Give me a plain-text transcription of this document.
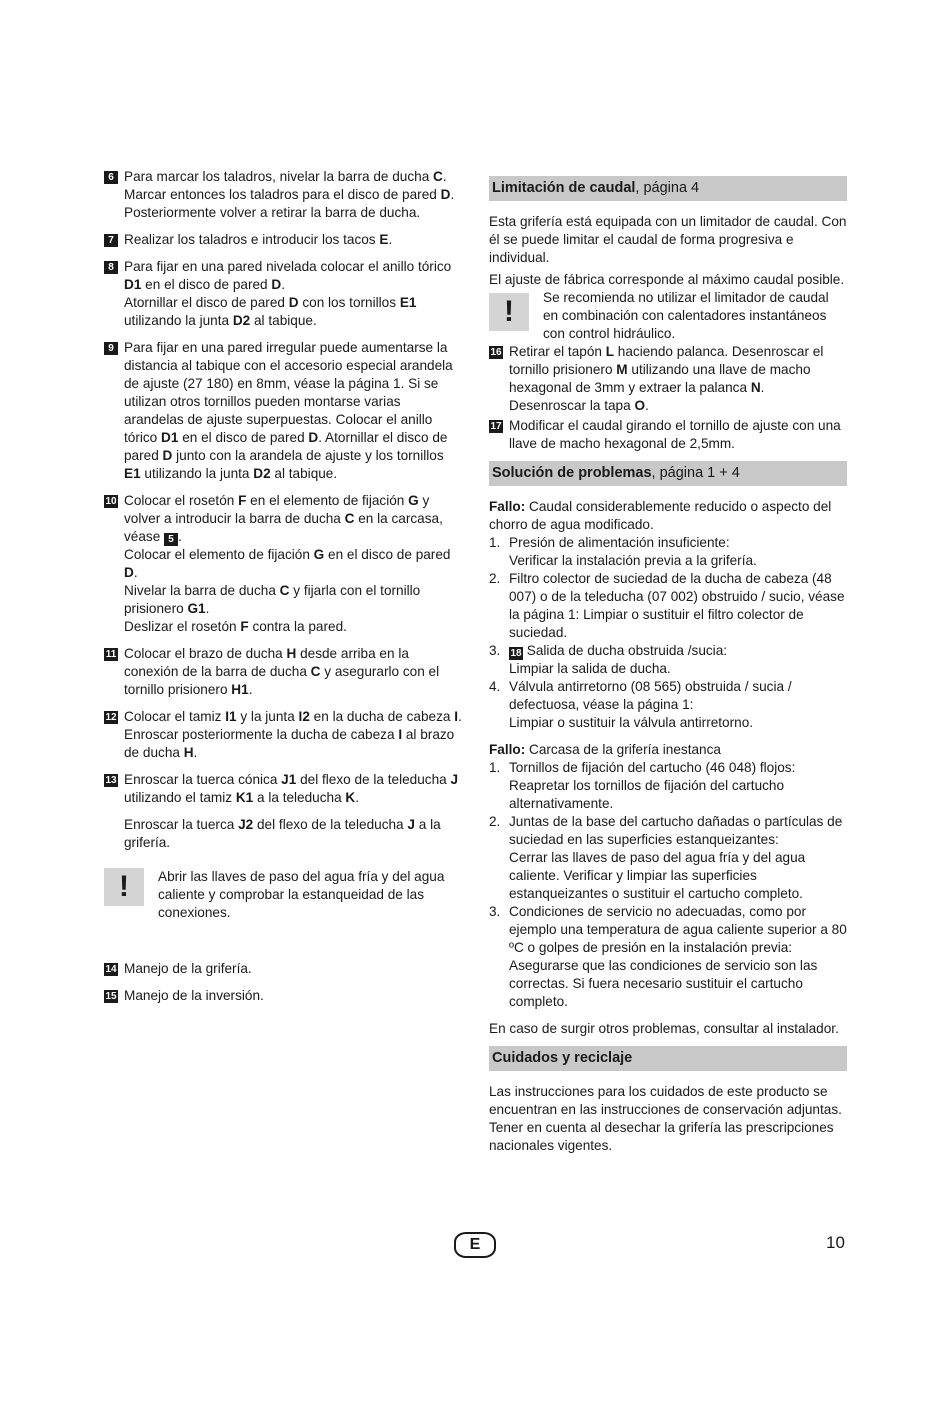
6 Para marcar los taladros, nivelar la barra de ducha C.
Marcar entonces los taladros para el disco de pared D.
Posteriormente volver a retirar la barra de ducha.

7 Realizar los taladros e introducir los tacos E.

8 Para fijar en una pared nivelada colocar el anillo tórico D1 en el disco de pared D.
Atornillar el disco de pared D con los tornillos E1 utilizando la junta D2 al tabique.

9 Para fijar en una pared irregular puede aumentarse la distancia al tabique con el accesorio especial arandela de ajuste (27 180) en 8mm, véase la página 1. Si se utilizan otros tornillos pueden montarse varias arandelas de ajuste superpuestas. Colocar el anillo tórico D1 en el disco de pared D. Atornillar el disco de pared D junto con la arandela de ajuste y los tornillos E1 utilizando la junta D2 al tabique.

10 Colocar el rosetón F en el elemento de fijación G y volver a introducir la barra de ducha C en la carcasa, véase 5 .
Colocar el elemento de fijación G en el disco de pared D.
Nivelar la barra de ducha C y fijarla con el tornillo prisionero G1.
Deslizar el rosetón F contra la pared.

11 Colocar el brazo de ducha H desde arriba en la conexión de la barra de ducha C y asegurarlo con el tornillo prisionero H1.

12 Colocar el tamiz I1 y la junta I2 en la ducha de cabeza I. Enroscar posteriormente la ducha de cabeza I al brazo de ducha H.

13 Enroscar la tuerca cónica J1 del flexo de la teleducha J utilizando el tamiz K1 a la teleducha K.

Enroscar la tuerca J2 del flexo de la teleducha J a la grifería.

!	Abrir las llaves de paso del agua fría y del agua caliente y comprobar la estanqueidad de las conexiones.

14 Manejo de la grifería.

15 Manejo de la inversión.

Limitación de caudal, página 4

Esta grifería está equipada con un limitador de caudal. Con él se puede limitar el caudal de forma progresiva e individual.

El ajuste de fábrica corresponde al máximo caudal posible.

!	Se recomienda no utilizar el limitador de caudal en combinación con calentadores instantáneos con control hidráulico.

16 Retirar el tapón L haciendo palanca. Desenroscar el tornillo prisionero M utilizando una llave de macho hexagonal de 3mm y extraer la palanca N.
Desenroscar la tapa O.

17 Modificar el caudal girando el tornillo de ajuste con una llave de macho hexagonal de 2,5mm.

Solución de problemas, página 1 + 4

Fallo: Caudal considerablemente reducido o aspecto del chorro de agua modificado.

1. Presión de alimentación insuficiente:
Verificar la instalación previa a la grifería.
2. Filtro colector de suciedad de la ducha de cabeza (48 007) o de la teleducha (07 002) obstruido / sucio, véase la página 1: Limpiar o sustituir el filtro colector de suciedad.
3. 18 Salida de ducha obstruida /sucia:
Limpiar la salida de ducha.
4. Válvula antirretorno (08 565) obstruida / sucia / defectuosa, véase la página 1:
Limpiar o sustituir la válvula antirretorno.

Fallo: Carcasa de la grifería inestanca

1. Tornillos de fijación del cartucho (46 048) flojos:
Reapretar los tornillos de fijación del cartucho alternativamente.
2. Juntas de la base del cartucho dañadas o partículas de suciedad en las superficies estanqueizantes:
Cerrar las llaves de paso del agua fría y del agua caliente. Verificar y limpiar las superficies estanqueizantes o sustituir el cartucho completo.
3. Condiciones de servicio no adecuadas, como por ejemplo una temperatura de agua caliente superior a 80 ºC o golpes de presión en la instalación previa:
Asegurarse que las condiciones de servicio son las correctas. Si fuera necesario sustituir el cartucho completo.

En caso de surgir otros problemas, consultar al instalador.

Cuidados y reciclaje

Las instrucciones para los cuidados de este producto se encuentran en las instrucciones de conservación adjuntas. Tener en cuenta al desechar la grifería las prescripciones nacionales vigentes.

E	10
